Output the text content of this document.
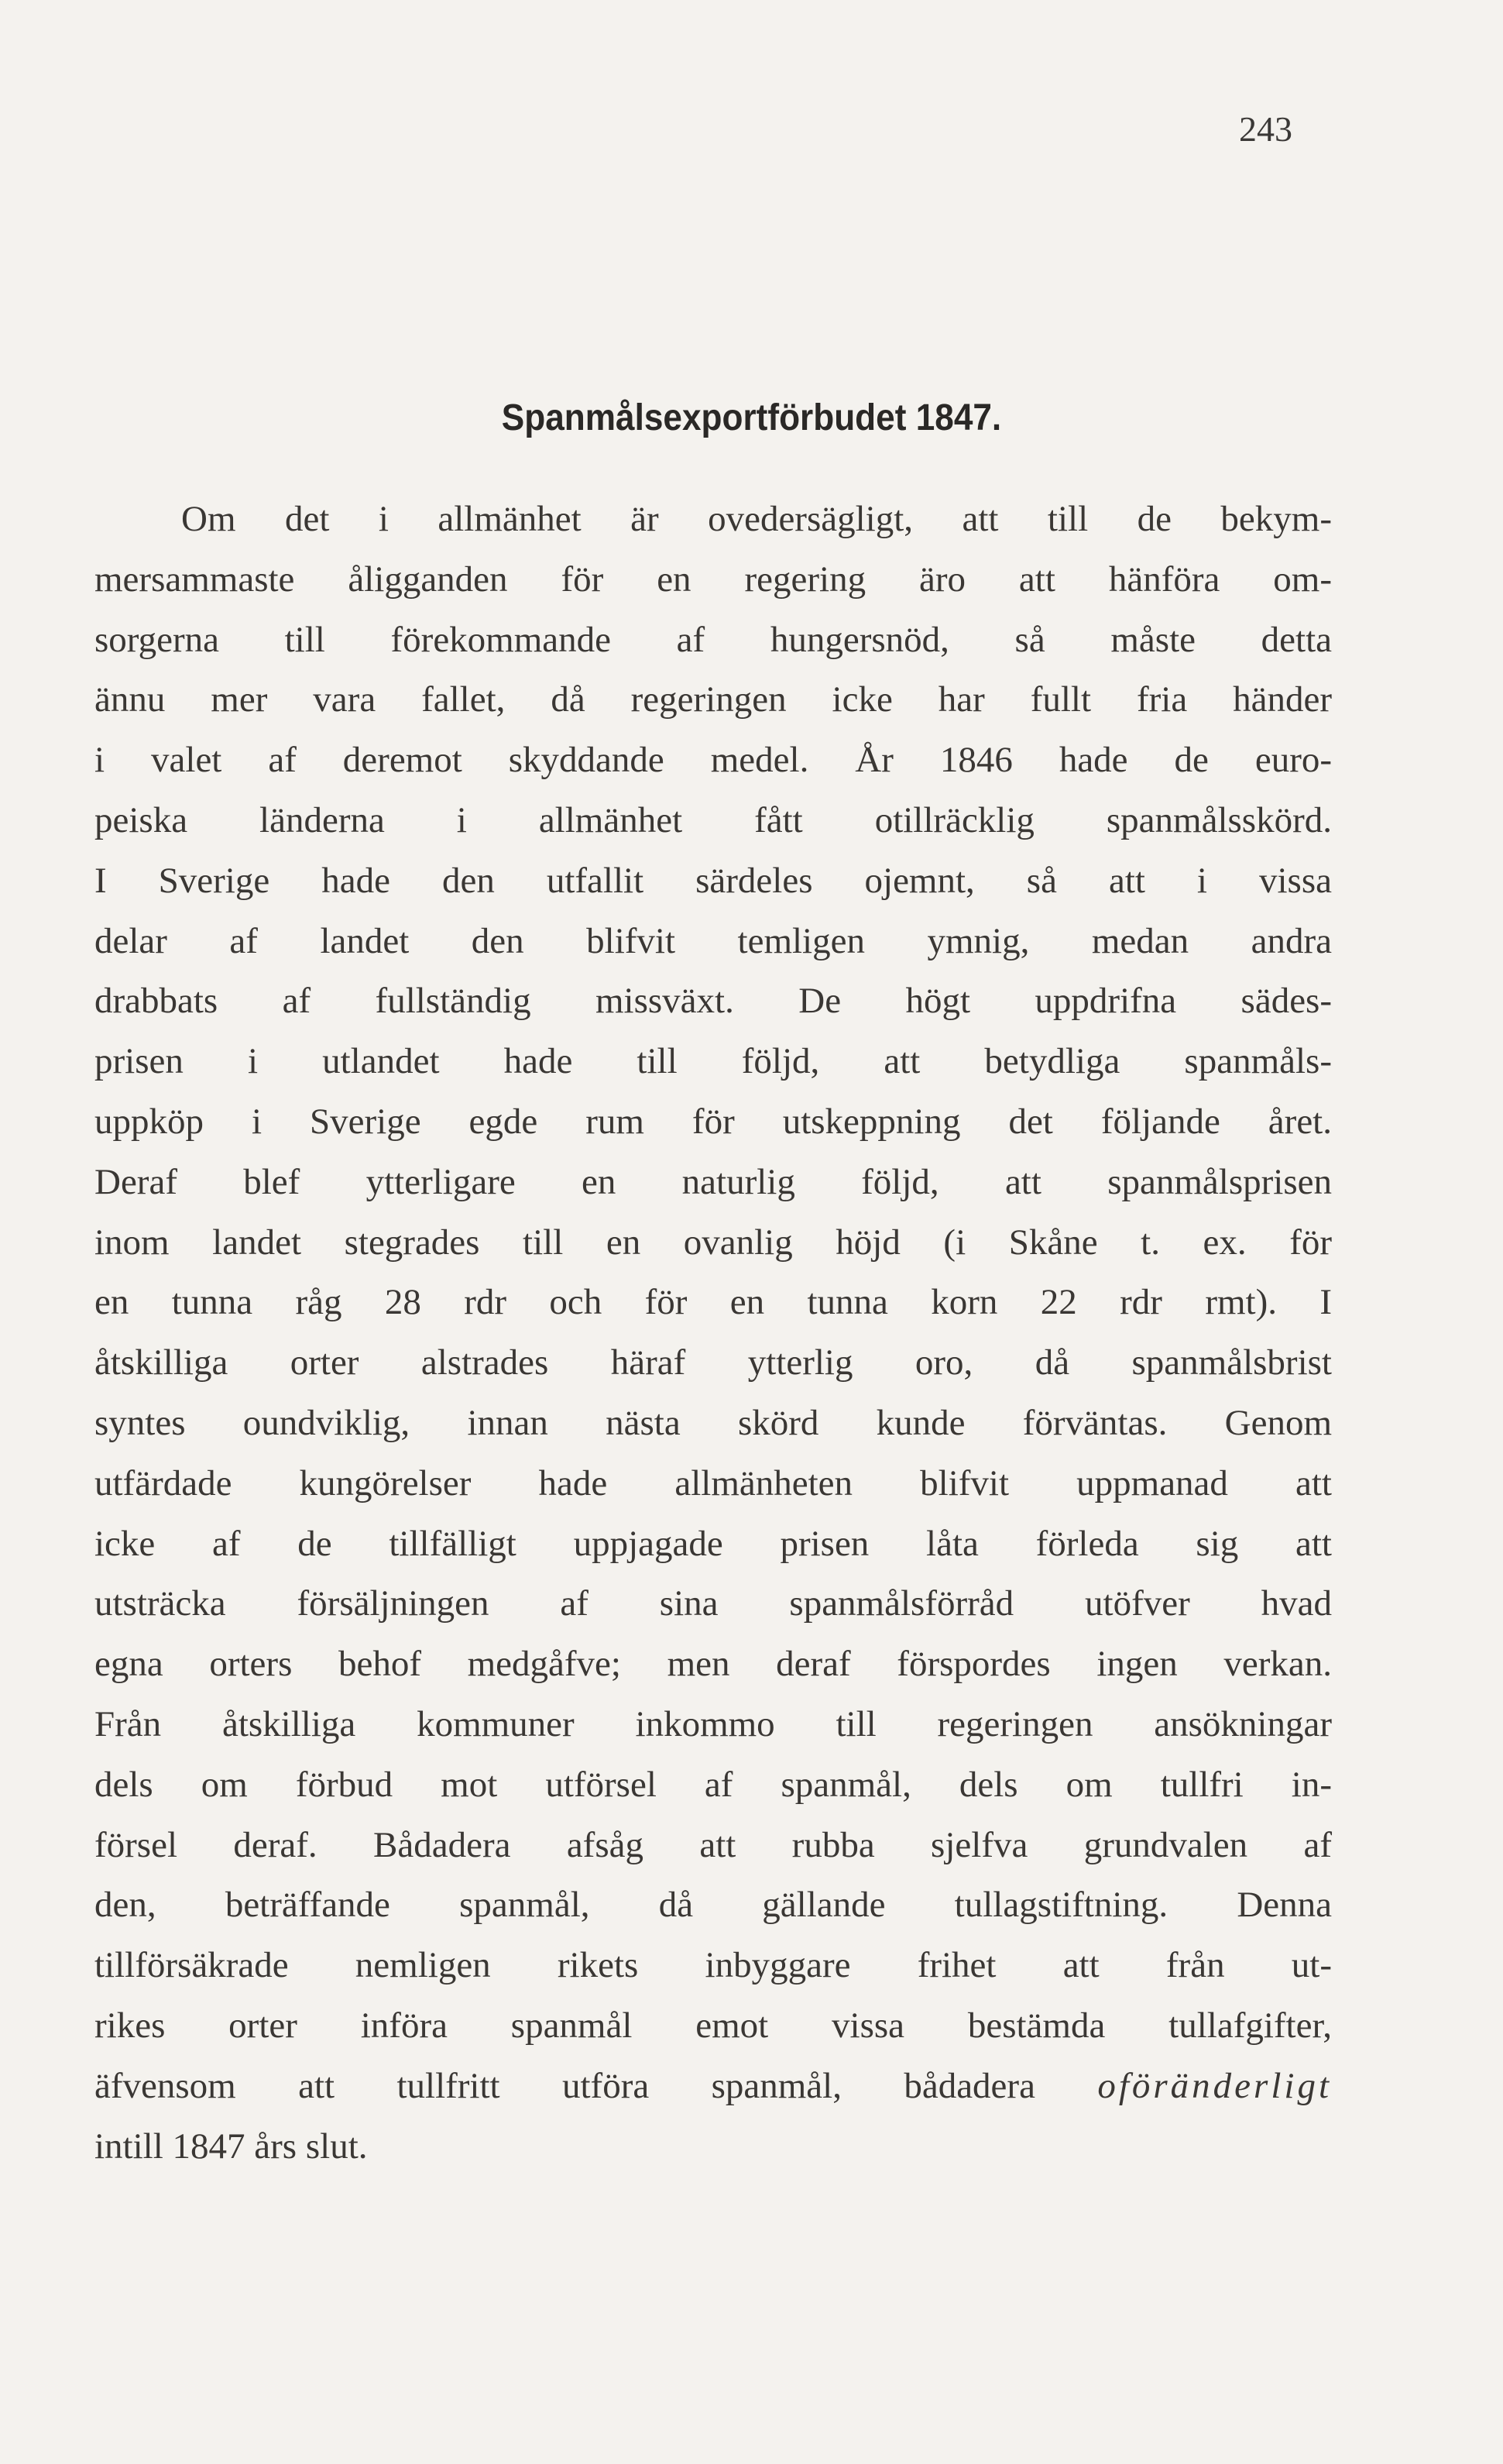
243
Spanmålsexportförbudet 1847.
Om det i allmänhet är ovedersägligt, att till de bekym-
mersammaste åligganden för en regering äro att hänföra om-
sorgerna till förekommande af hungersnöd, så måste detta
ännu mer vara fallet, då regeringen icke har fullt fria händer
i valet af deremot skyddande medel. År 1846 hade de euro-
peiska länderna i allmänhet fått otillräcklig spanmålsskörd.
I Sverige hade den utfallit särdeles ojemnt, så att i vissa
delar af landet den blifvit temligen ymnig, medan andra
drabbats af fullständig missväxt. De högt uppdrifna sädes-
prisen i utlandet hade till följd, att betydliga spanmåls-
uppköp i Sverige egde rum för utskeppning det följande året.
Deraf blef ytterligare en naturlig följd, att spanmålsprisen
inom landet stegrades till en ovanlig höjd (i Skåne t. ex. för
en tunna råg 28 rdr och för en tunna korn 22 rdr rmt). I
åtskilliga orter alstrades häraf ytterlig oro, då spanmålsbrist
syntes oundviklig, innan nästa skörd kunde förväntas. Genom
utfärdade kungörelser hade allmänheten blifvit uppmanad att
icke af de tillfälligt uppjagade prisen låta förleda sig att
utsträcka försäljningen af sina spanmålsförråd utöfver hvad
egna orters behof medgåfve; men deraf förspordes ingen verkan.
Från åtskilliga kommuner inkommo till regeringen ansökningar
dels om förbud mot utförsel af spanmål, dels om tullfri in-
försel deraf. Bådadera afsåg att rubba sjelfva grundvalen af
den, beträffande spanmål, då gällande tullagstiftning. Denna
tillförsäkrade nemligen rikets inbyggare frihet att från ut-
rikes orter införa spanmål emot vissa bestämda tullafgifter,
äfvensom att tullfritt utföra spanmål, bådadera oföränderligt
intill 1847 års slut.
